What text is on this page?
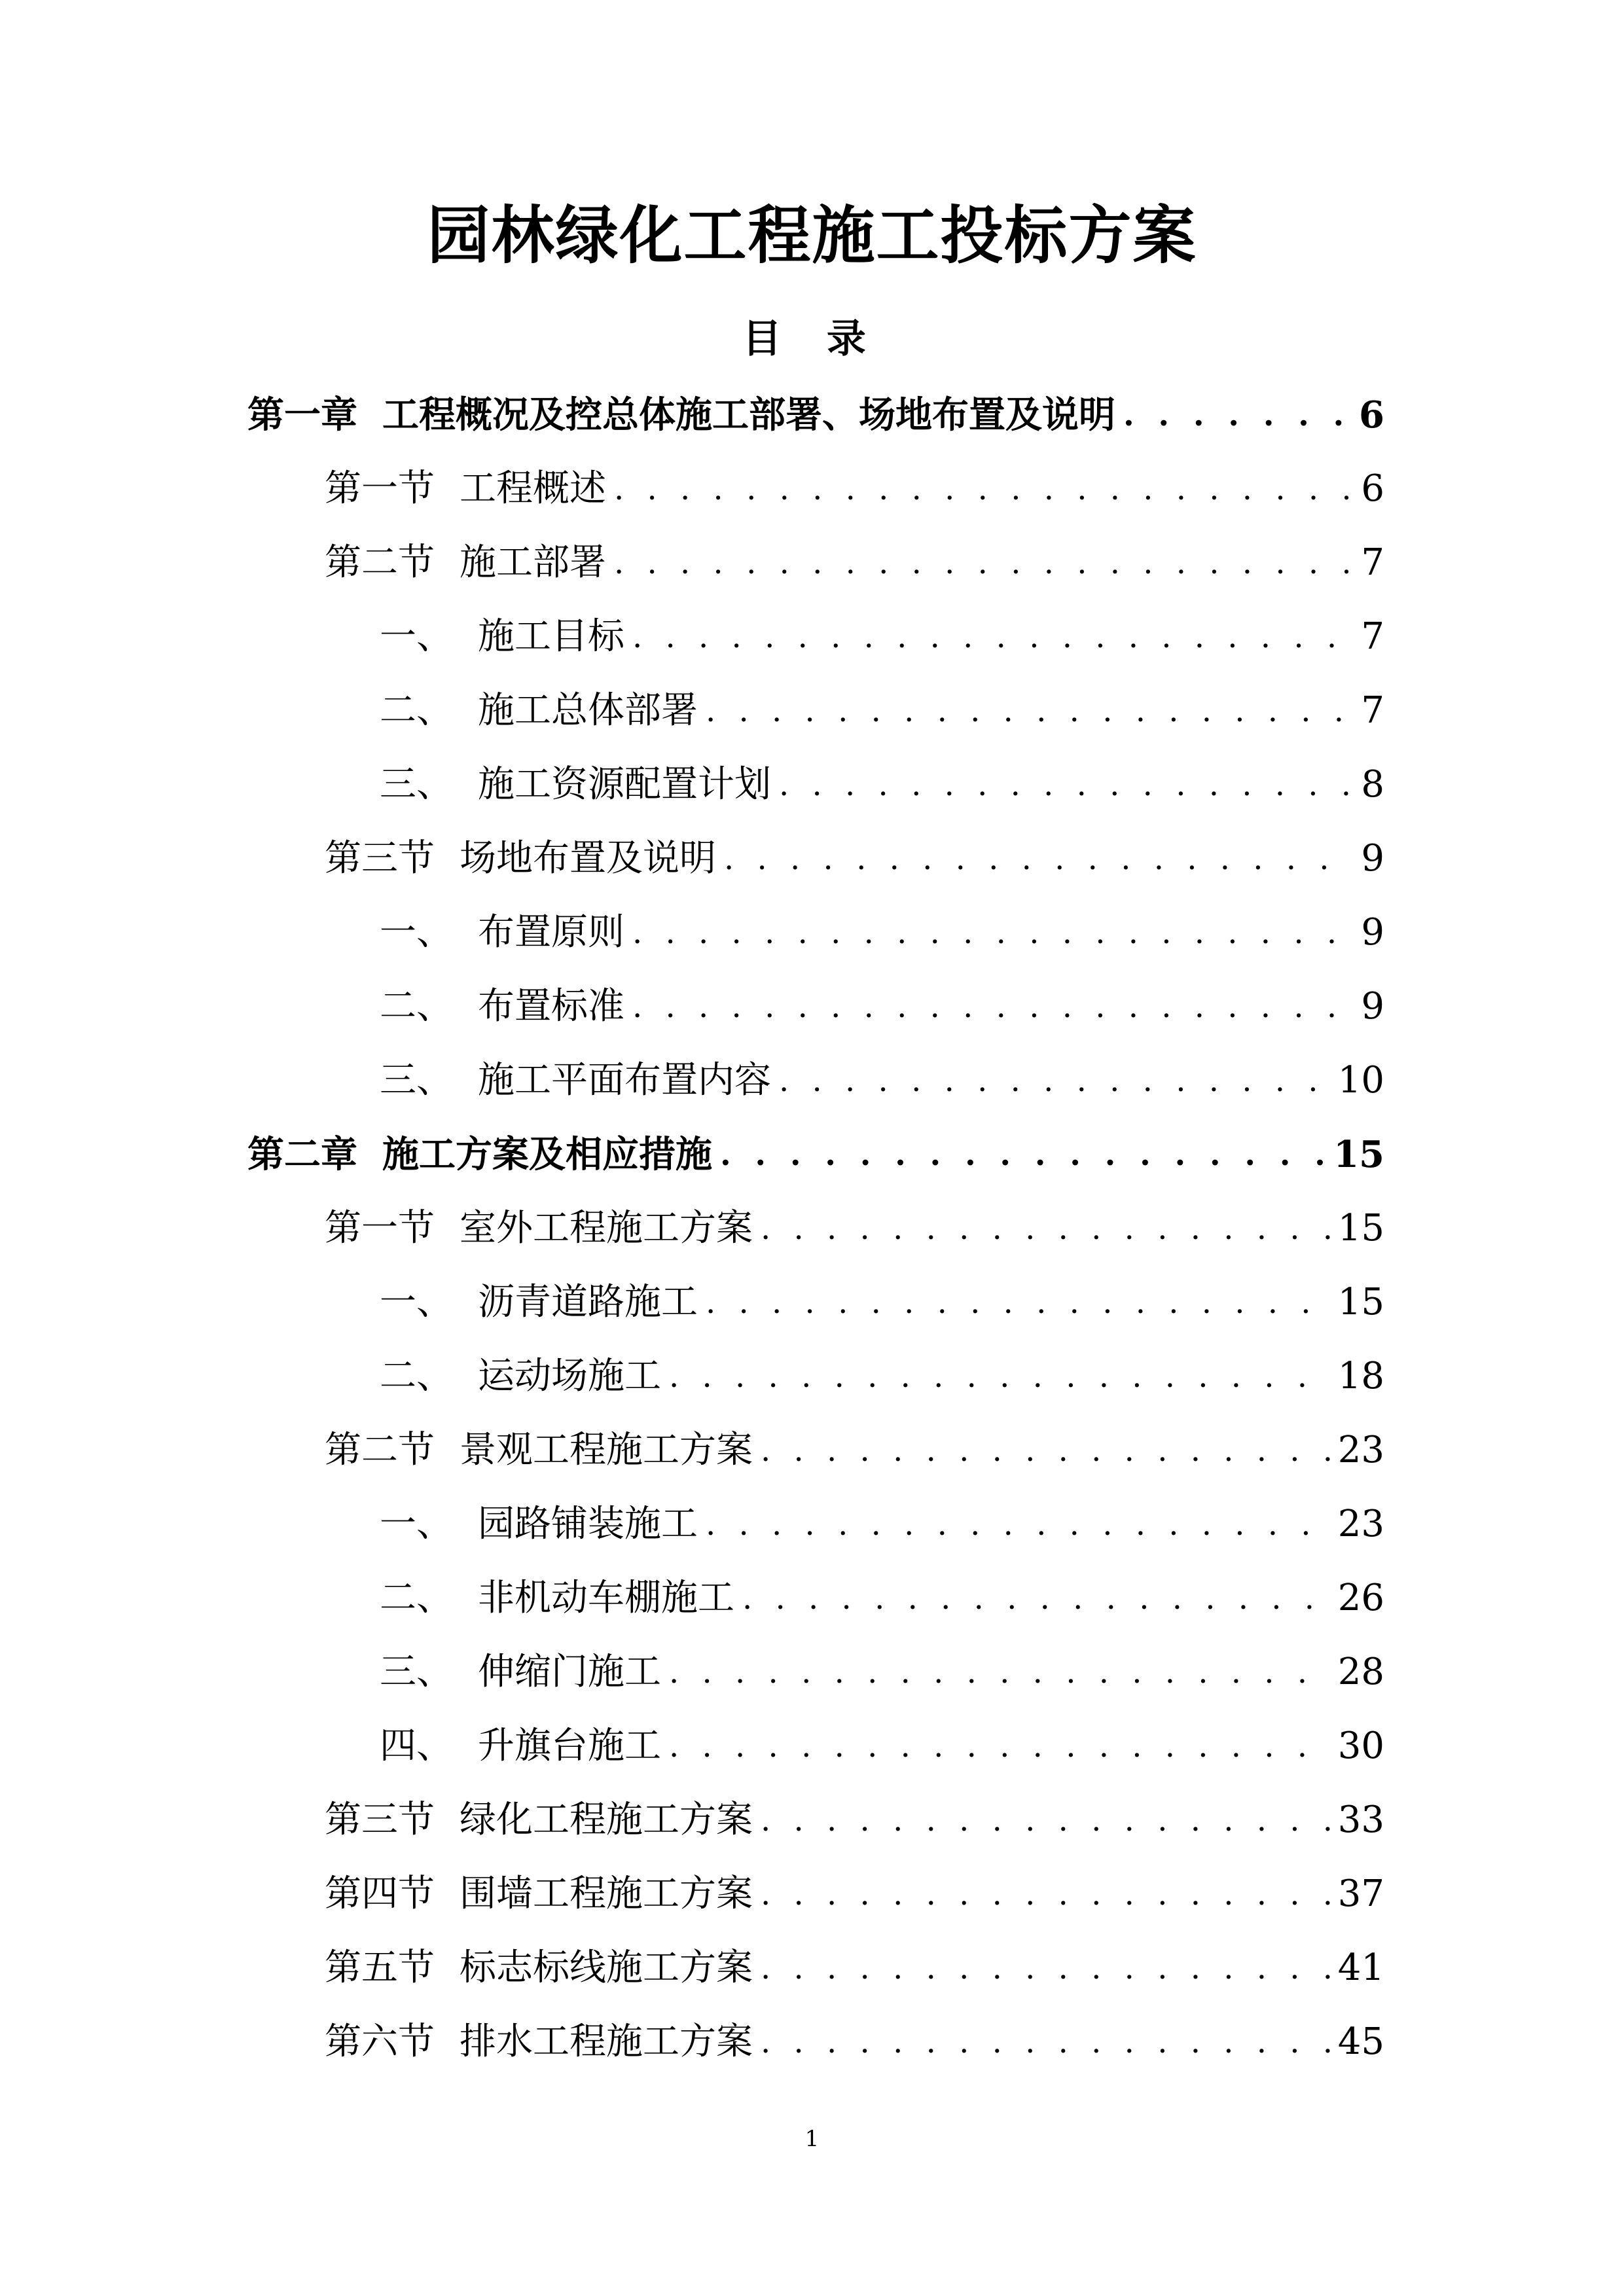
园林绿化工程施工投标方案
目 录
第一章 工程概况及控总体施工部署、场地布置及说明 . . .	6
第一节 工程概述 . . .	6
第二节 施工部署 . . .	7
一、 施工目标 . . .	7
二、 施工总体部署 . . .	7
三、 施工资源配置计划 . . .	8
第三节 场地布置及说明 . . .	9
一、 布置原则 . . .	9
二、 布置标准 . . .	9
三、 施工平面布置内容 . . .	10
第二章 施工方案及相应措施 . . .	15
第一节 室外工程施工方案 . . .	15
一、 沥青道路施工 . . .	15
二、 运动场施工 . . .	18
第二节 景观工程施工方案 . . .	23
一、 园路铺装施工 . . .	23
二、 非机动车棚施工 . . .	26
三、 伸缩门施工 . . .	28
四、 升旗台施工 . . .	30
第三节 绿化工程施工方案 . . .	33
第四节 围墙工程施工方案 . . .	37
第五节 标志标线施工方案 . . .	41
第六节 排水工程施工方案 . . .	45
1
